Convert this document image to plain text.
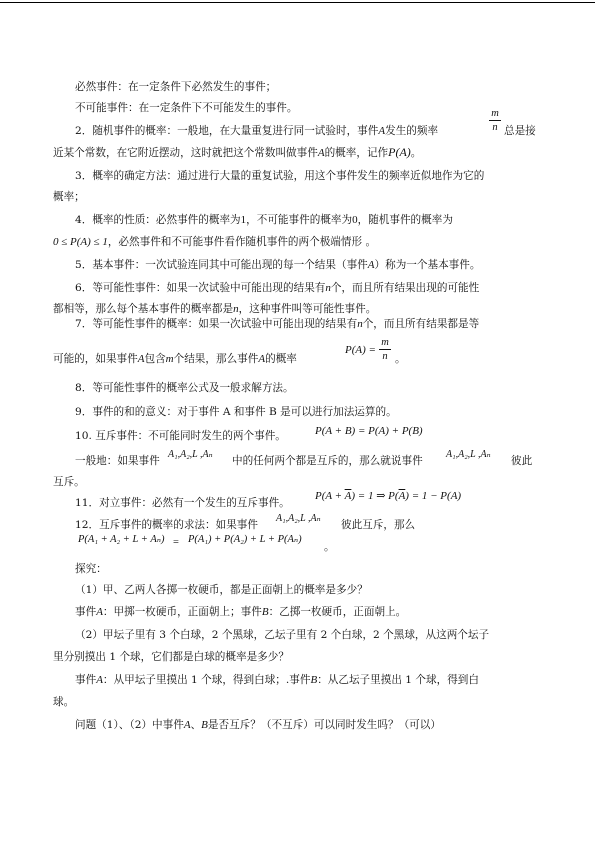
必然事件：在一定条件下必然发生的事件；
不可能事件：在一定条件下不可能发生的事件。
2．随机事件的概率：一般地，在大量重复进行同一试验时，事件A发生的频率
m
n 总是接
近某个常数，在它附近摆动，这时就把这个常数叫做事件A的概率，记作P(A)。
3．概率的确定方法：通过进行大量的重复试验，用这个事件发生的频率近似地作为它的
概率；
4．概率的性质：必然事件的概率为1，不可能事件的概率为0，随机事件的概率为
0 ≤ P(A) ≤ 1，必然事件和不可能事件看作随机事件的两个极端情形 。
5．基本事件：一次试验连同其中可能出现的每一个结果（事件A）称为一个基本事件。
6．等可能性事件：如果一次试验中可能出现的结果有n个，而且所有结果出现的可能性
都相等，那么每个基本事件的概率都是n，这种事件叫等可能性事件。
7．等可能性事件的概率：如果一次试验中可能出现的结果有n个，而且所有结果都是等
可能的，如果事件A包含m个结果，那么事件A的概率
P(A) =
m
n 。
8．等可能性事件的概率公式及一般求解方法。
9．事件的和的意义：对于事件 A 和事件 B 是可以进行加法运算的。
10. 互斥事件：不可能同时发生的两个事件。	P(A + B) = P(A) + P(B)
一般地：如果事件
A₁,A₂,L ,Aₙ
中的任何两个都是互斥的，那么就说事件
A₁,A₂,L ,Aₙ
彼此
互斥。
11．对立事件：必然有一个发生的互斥事件。
$P(A + \overline{A}) = 1$ ⇒ $P(\overline{A}) = 1 - P(A)$
12．互斥事件的概率的求法：如果事件
A₁,A₂,L ,Aₙ
彼此互斥，那么
P(A₁ + A₂ + L + Aₙ) = P(A₁) + P(A₂) + L + P(Aₙ)
。
探究：
（1）甲、乙两人各掷一枚硬币，都是正面朝上的概率是多少？
事件A：甲掷一枚硬币，正面朝上；事件B：乙掷一枚硬币，正面朝上。
（2）甲坛子里有 3 个白球，2 个黑球，乙坛子里有 2 个白球，2 个黑球，从这两个坛子
里分别摸出 1 个球，它们都是白球的概率是多少？
事件A：从甲坛子里摸出 1 个球，得到白球；.事件B：从乙坛子里摸出 1 个球，得到白
球。
问题（1）、（2）中事件A、B是否互斥？（不互斥）可以同时发生吗？（可以）
